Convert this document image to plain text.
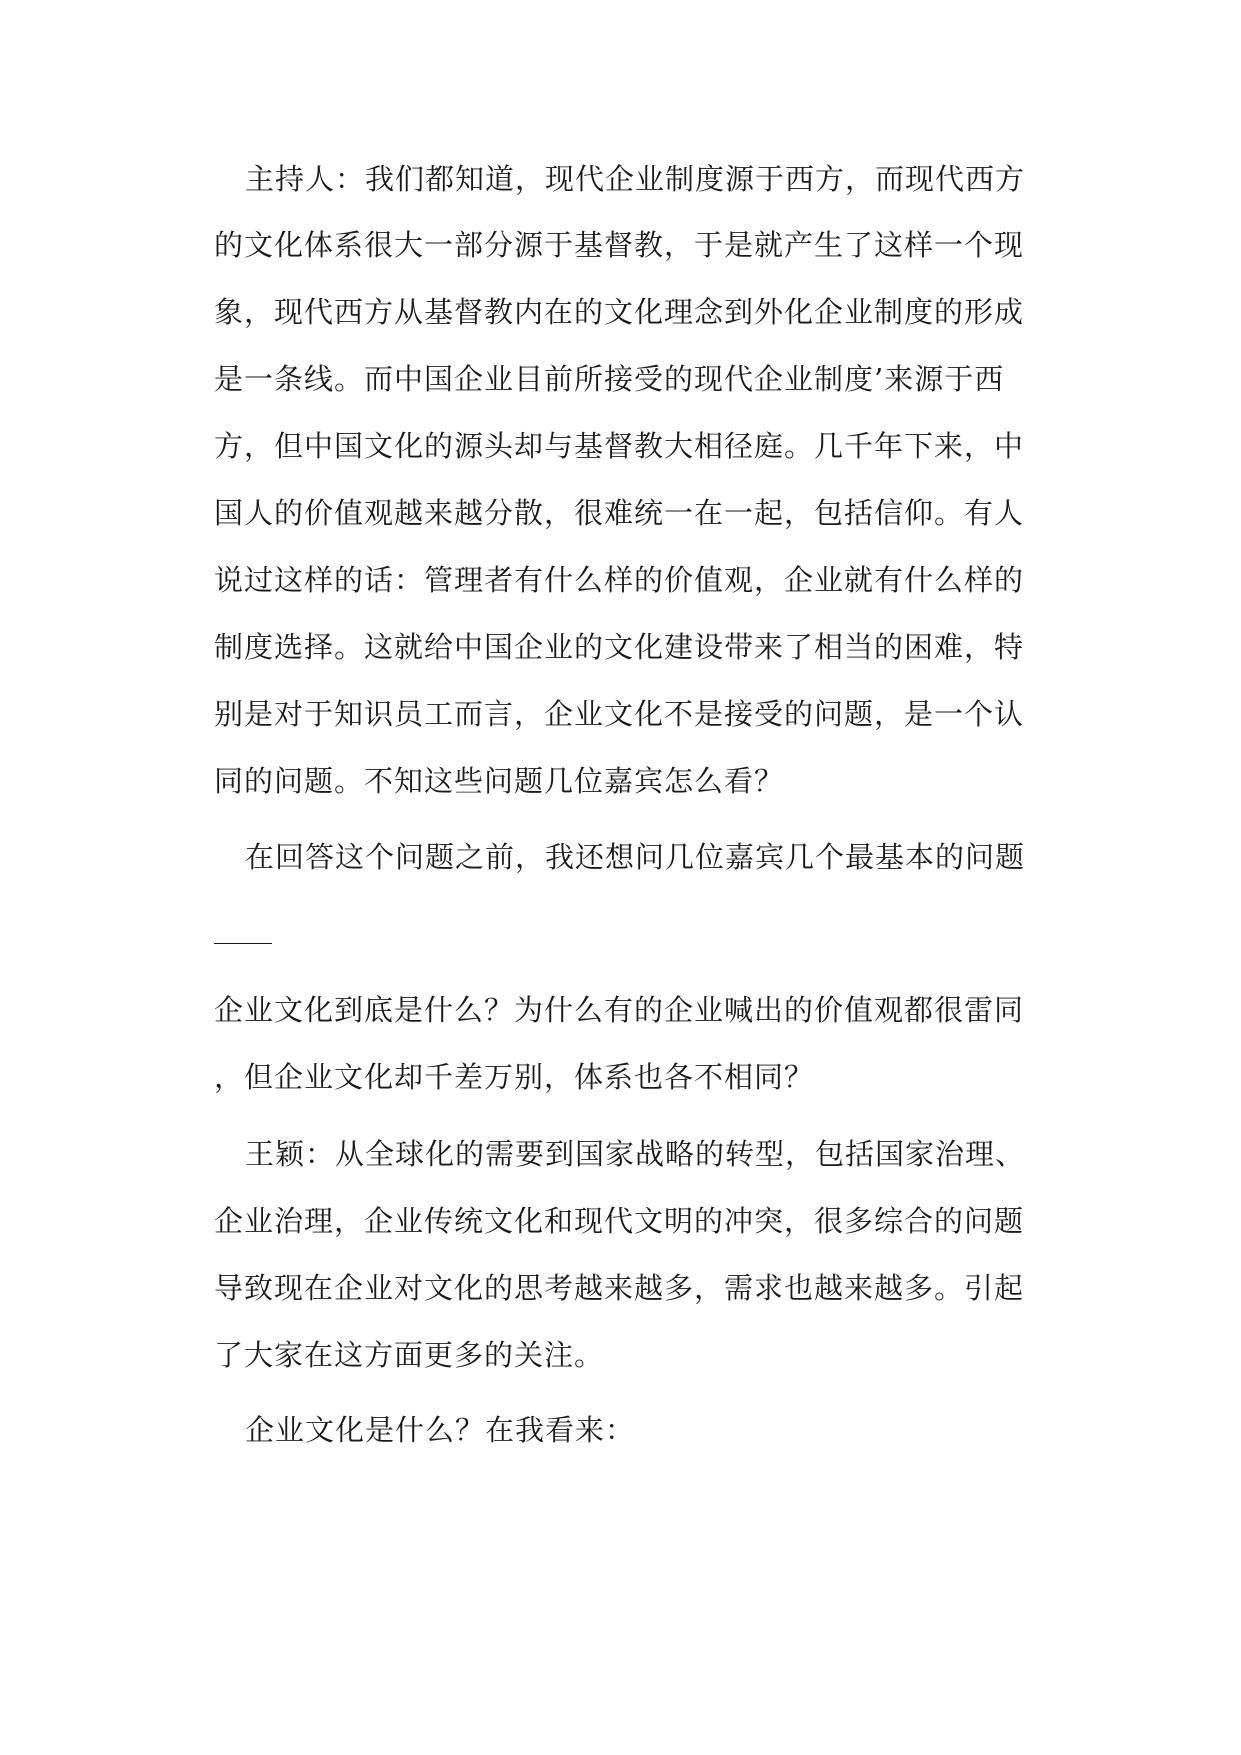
主持人：我们都知道，现代企业制度源于西方，而现代西方
的文化体系很大一部分源于基督教，于是就产生了这样一个现
象，现代西方从基督教内在的文化理念到外化企业制度的形成
是一条线。而中国企业目前所接受的现代企业制度’来源于西
方，但中国文化的源头却与基督教大相径庭。几千年下来，中
国人的价值观越来越分散，很难统一在一起，包括信仰。有人
说过这样的话：管理者有什么样的价值观，企业就有什么样的
制度选择。这就给中国企业的文化建设带来了相当的困难，特
别是对于知识员工而言，企业文化不是接受的问题，是一个认
同的问题。不知这些问题几位嘉宾怎么看？
在回答这个问题之前，我还想问几位嘉宾几个最基本的问题
企业文化到底是什么？为什么有的企业喊出的价值观都很雷同
，但企业文化却千差万别，体系也各不相同？
王颖：从全球化的需要到国家战略的转型，包括国家治理、
企业治理，企业传统文化和现代文明的冲突，很多综合的问题
导致现在企业对文化的思考越来越多，需求也越来越多。引起
了大家在这方面更多的关注。
企业文化是什么？在我看来：
